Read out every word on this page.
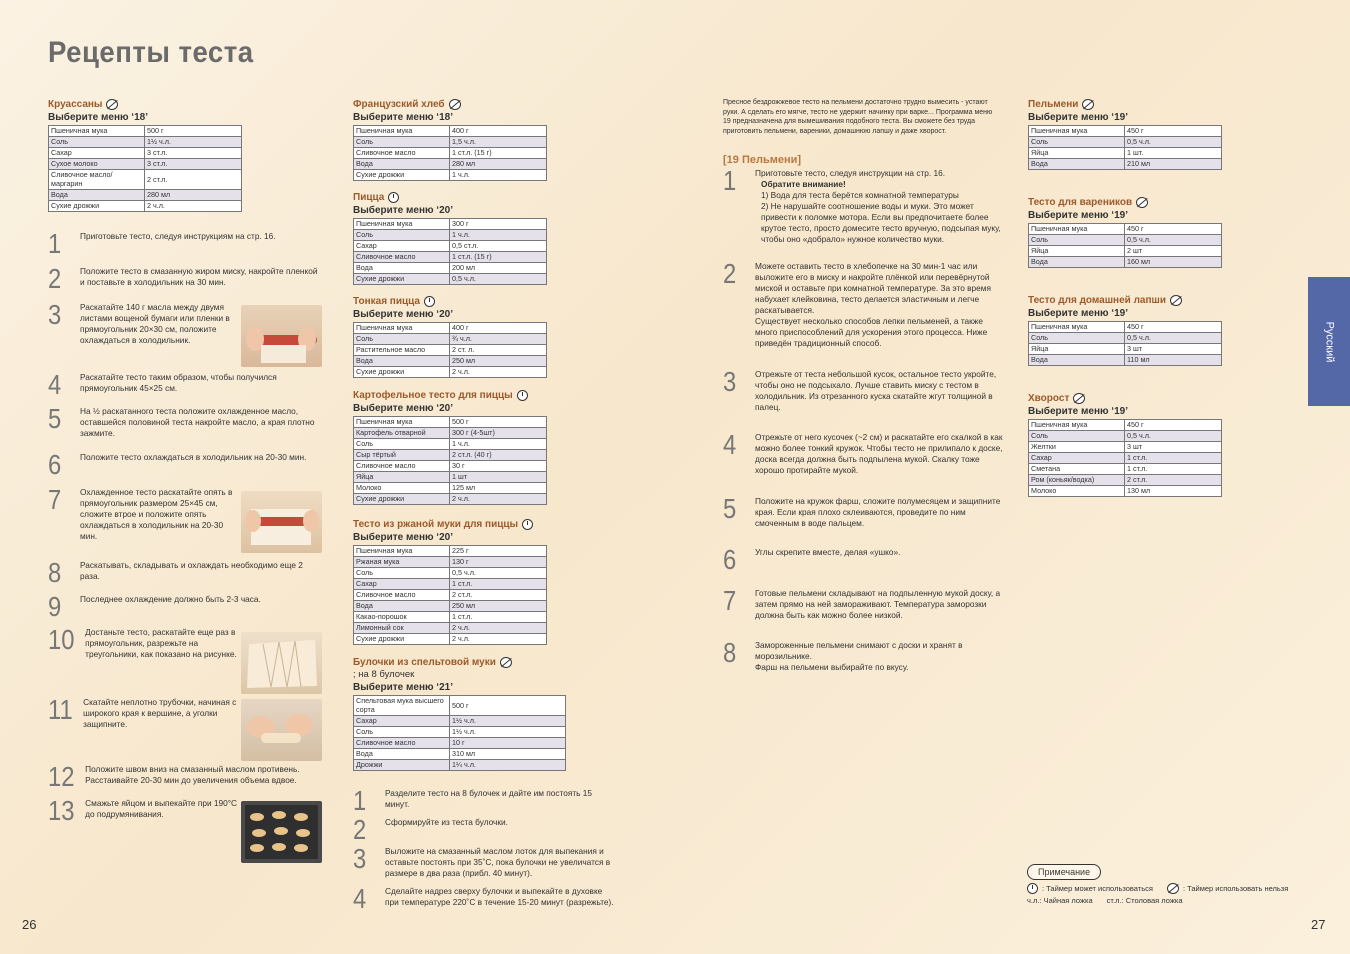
Рецепты теста
Круассаны
Выберите меню ‘18’
Пшеничная мука	500 г
Соль	1½ ч.л.
Сахар	3 ст.л.
Сухое молоко	3 ст.л.
Сливочное масло/ маргарин	2 ст.л.
Вода	280 мл
Сухие дрожжи	2 ч.л.
1	Приготовьте тесто, следуя инструкциям на стр. 16.
2	Положите тесто в смазанную жиром миску, накройте пленкой и поставьте в холодильник на 30 мин.
3	Раскатайте 140 г масла между двумя листами вощеной бумаги или пленки в прямоугольник 20×30 см, положите охлаждаться в холодильник.
4	Раскатайте тесто таким образом, чтобы получился прямоугольник 45×25 см.
5	На ½ раскатанного теста положите охлажденное масло, оставшейся половиной теста накройте масло, а края плотно зажмите.
6	Положите тесто охлаждаться в холодильник на 20-30 мин.
7	Охлажденное тесто раскатайте опять в прямоугольник размером 25×45 см, сложите втрое и положите опять охлаждаться в холодильник на 20-30 мин.
8	Раскатывать, складывать и охлаждать необходимо еще 2 раза.
9	Последнее охлаждение должно быть 2-3 часа.
10 Достаньте тесто, раскатайте еще раз в прямоугольник, разрежьте на треугольники, как показано на рисунке.
11 Скатайте неплотно трубочки, начиная с широкого края к вершине, а уголки защипните.
12 Положите швом вниз на смазанный маслом противень. Расстаивайте 20-30 мин до увеличения объема вдвое.
13 Смажьте яйцом и выпекайте при 190°C до подрумянивания.
Французский хлеб
Выберите меню ‘18’
Пшеничная мука	400 г
Соль	1,5 ч.л.
Сливочное масло	1 ст.л. (15 г)
Вода	280 мл
Сухие дрожжи	1 ч.л.
Пицца
Выберите меню ‘20’
Пшеничная мука	300 г
Соль	1 ч.л.
Сахар	0,5 ст.л.
Сливочное масло	1 ст.л. (15 г)
Вода	200 мл
Сухие дрожжи	0,5 ч.л.
Тонкая пицца
Выберите меню ‘20’
Пшеничная мука	400 г
Соль	¾ ч.л.
Растительное масло	2 ст. л.
Вода	250 мл
Сухие дрожжи	2 ч.л.
Картофельное тесто для пиццы
Выберите меню ‘20’
Пшеничная мука	500 г
Картофель отварной	300 г (4-5шт)
Соль	1 ч.л.
Сыр тёртый	2 ст.л. (40 г)
Сливочное масло	30 г
Яйца	1 шт
Молоко	125 мл
Сухие дрожжи	2 ч.л.
Тесто из ржаной муки для пиццы
Выберите меню ‘20’
Пшеничная мука	225 г
Ржаная мука	130 г
Соль	0,5 ч.л.
Сахар	1 ст.л.
Сливочное масло	2 ст.л.
Вода	250 мл
Какао-порошок	1 ст.л.
Лимонный сок	2 ч.л.
Сухие дрожжи	2 ч.л.
Булочки из спельтовой муки
; на 8 булочек
Выберите меню ‘21’
Спельтовая мука высшего сорта	500 г
Сахар	1½ ч.л.
Соль	1½ ч.л.
Сливочное масло	10 г
Вода	310 мл
Дрожжи	1¼ ч.л.
1	Разделите тесто на 8 булочек и дайте им постоять 15 минут.
2	Сформируйте из теста булочки.
3	Выложите на смазанный маслом лоток для выпекания и оставьте постоять при 35˚C, пока булочки не увеличатся в размере в два раза (прибл. 40 минут).
4	Сделайте надрез сверху булочки и выпекайте в духовке при температуре 220˚C в течение 15-20 минут (разрежьте).
Пресное бездрожжевое тесто на пельмени достаточно трудно вымесить - устают руки. А сделать его мягче, тесто не удержит начинку при варке... Программа меню 19 предназначена для вымешивания подобного теста. Вы сможете без труда приготовить пельмени, вареники, домашнюю лапшу и даже хворост.
[19 Пельмени]
1	Приготовьте тесто, следуя инструкции на стр. 16.
Обратите внимание!
1) Вода для теста берётся комнатной температуры
2) Не нарушайте соотношение воды и муки. Это может привести к поломке мотора. Если вы предпочитаете более крутое тесто, просто домесите тесто вручную, подсыпая муку, чтобы оно «добрало» нужное количество муки.
2	Можете оставить тесто в хлебопечке на 30 мин-1 час или выложите его в миску и накройте плёнкой или перевёрнутой миской и оставьте при комнатной температуре. За это время набухает клейковина, тесто делается эластичным и легче раскатывается.
Существует несколько способов лепки пельменей, а также много приспособлений для ускорения этого процесса. Ниже приведён традиционный способ.
3	Отрежьте от теста небольшой кусок, остальное тесто укройте, чтобы оно не подсыхало. Лучше ставить миску с тестом в холодильник. Из отрезанного куска скатайте жгут толщиной в палец.
4	Отрежьте от него кусочек (~2 см) и раскатайте его скалкой в как можно более тонкий кружок. Чтобы тесто не прилипало к доске, доска всегда должна быть подпылена мукой. Скалку тоже хорошо протирайте мукой.
5	Положите на кружок фарш, сложите полумесяцем и защипните края. Если края плохо склеиваются, проведите по ним смоченным в воде пальцем.
6	Углы скрепите вместе, делая «ушко».
7	Готовые пельмени складывают на подпыленную мукой доску, а затем прямо на ней замораживают. Температура заморозки должна быть как можно более низкой.
8	Замороженные пельмени снимают с доски и хранят в морозильнике.
Фарш на пельмени выбирайте по вкусу.
Пельмени
Выберите меню ‘19’
Пшеничная мука	450 г
Соль	0,5 ч.л.
Яйца	1 шт.
Вода	210 мл
Тесто для вареников
Выберите меню ‘19’
Пшеничная мука	450 г
Соль	0,5 ч.л.
Яйца	2 шт
Вода	160 мл
Тесто для домашней лапши
Выберите меню ‘19’
Пшеничная мука	450 г
Соль	0,5 ч.л.
Яйца	3 шт
Вода	110 мл
Хворост
Выберите меню ‘19’
Пшеничная мука	450 г
Соль	0,5 ч.л.
Желтки	3 шт
Сахар	1 ст.л.
Сметана	1 ст.л.
Ром (коньяк/водка)	2 ст.л.
Молоко	130 мл
Русский
Примечание
: Таймер может использоваться	: Таймер использовать нельзя
ч.л.: Чайная ложка ст.л.: Столовая ложка
26	27
